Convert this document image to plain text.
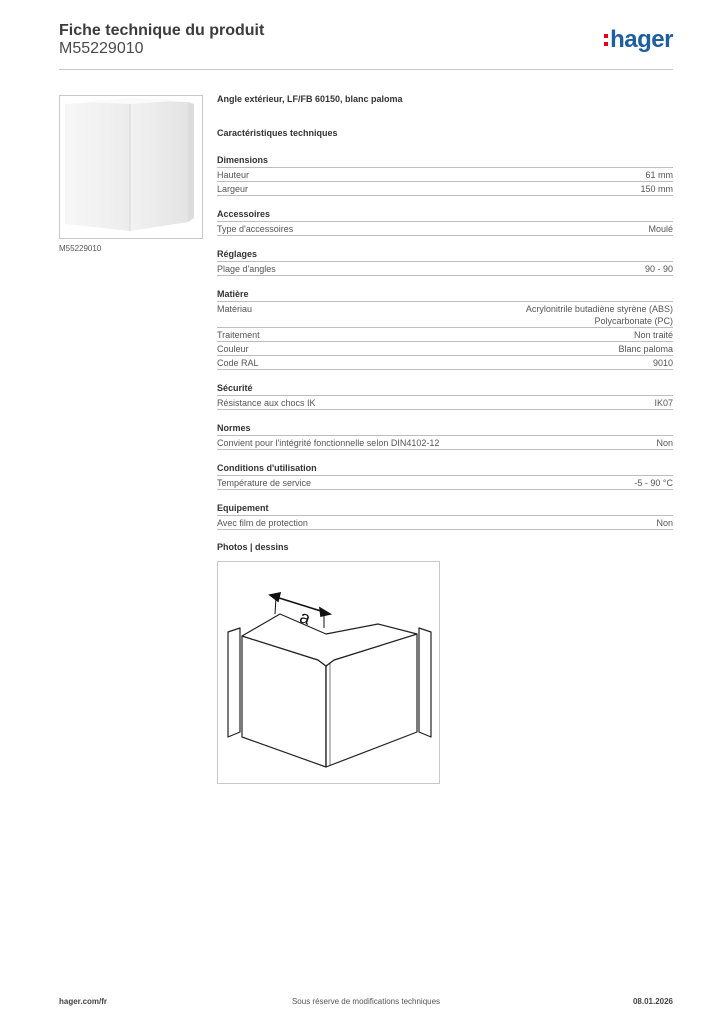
Fiche technique du produit
M55229010	hager
M55229010
Angle extérieur, LF/FB 60150, blanc paloma
Caractéristiques techniques
Dimensions
Hauteur	61 mm
Largeur	150 mm
Accessoires
Type d'accessoires	Moulé
Réglages
Plage d'angles	90 - 90
Matière
Matériau	Acrylonitrile butadiène styrène (ABS)
Polycarbonate (PC)
Traitement	Non traité
Couleur	Blanc paloma
Code RAL	9010
Sécurité
Résistance aux chocs IK	IK07
Normes
Convient pour l'intégrité fonctionnelle selon DIN4102-12	Non
Conditions d'utilisation
Température de service	-5 - 90 °C
Equipement
Avec film de protection	Non
Photos | dessins
a
hager.com/fr	Sous réserve de modifications techniques	08.01.2026
